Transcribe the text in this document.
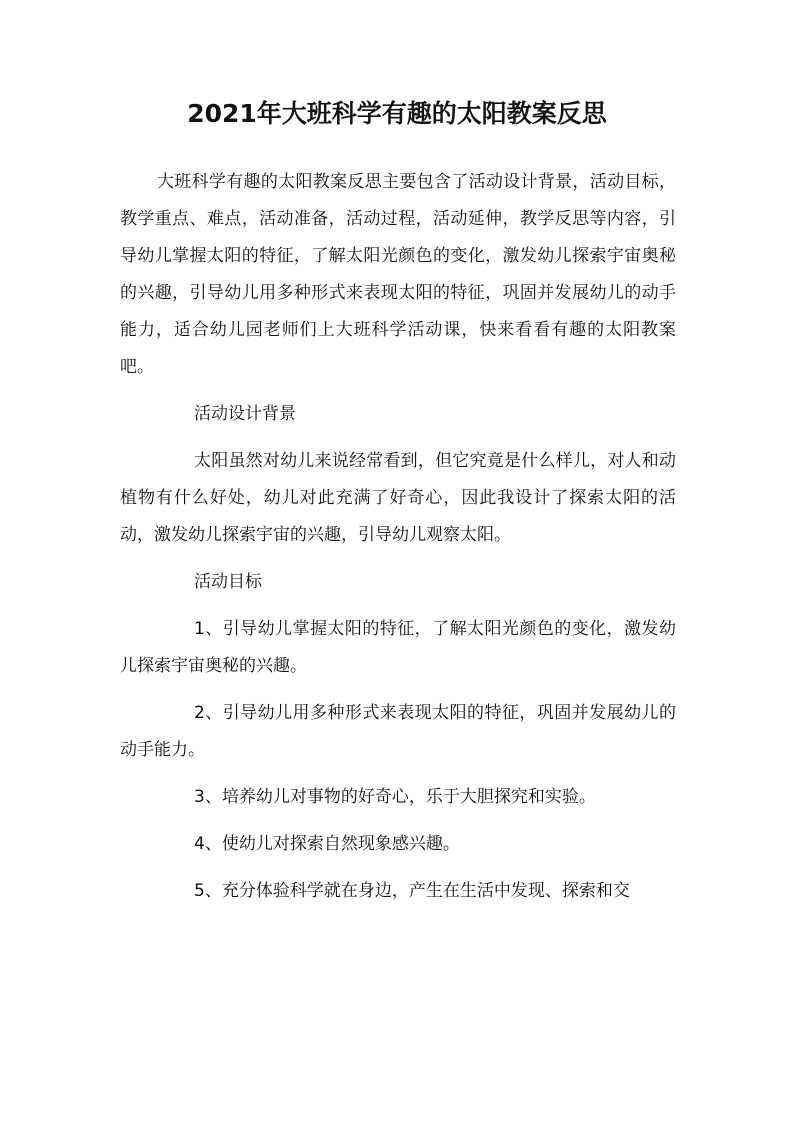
2021年大班科学有趣的太阳教案反思

大班科学有趣的太阳教案反思主要包含了活动设计背景，活动目标，教学重点、难点，活动准备，活动过程，活动延伸，教学反思等内容，引导幼儿掌握太阳的特征，了解太阳光颜色的变化，激发幼儿探索宇宙奥秘的兴趣，引导幼儿用多种形式来表现太阳的特征，巩固并发展幼儿的动手能力，适合幼儿园老师们上大班科学活动课，快来看看有趣的太阳教案吧。

活动设计背景

太阳虽然对幼儿来说经常看到，但它究竟是什么样儿，对人和动植物有什么好处，幼儿对此充满了好奇心，因此我设计了探索太阳的活动，激发幼儿探索宇宙的兴趣，引导幼儿观察太阳。

活动目标

1、引导幼儿掌握太阳的特征，了解太阳光颜色的变化，激发幼儿探索宇宙奥秘的兴趣。

2、引导幼儿用多种形式来表现太阳的特征，巩固并发展幼儿的动手能力。

3、培养幼儿对事物的好奇心，乐于大胆探究和实验。

4、使幼儿对探索自然现象感兴趣。

5、充分体验科学就在身边，产生在生活中发现、探索和交
